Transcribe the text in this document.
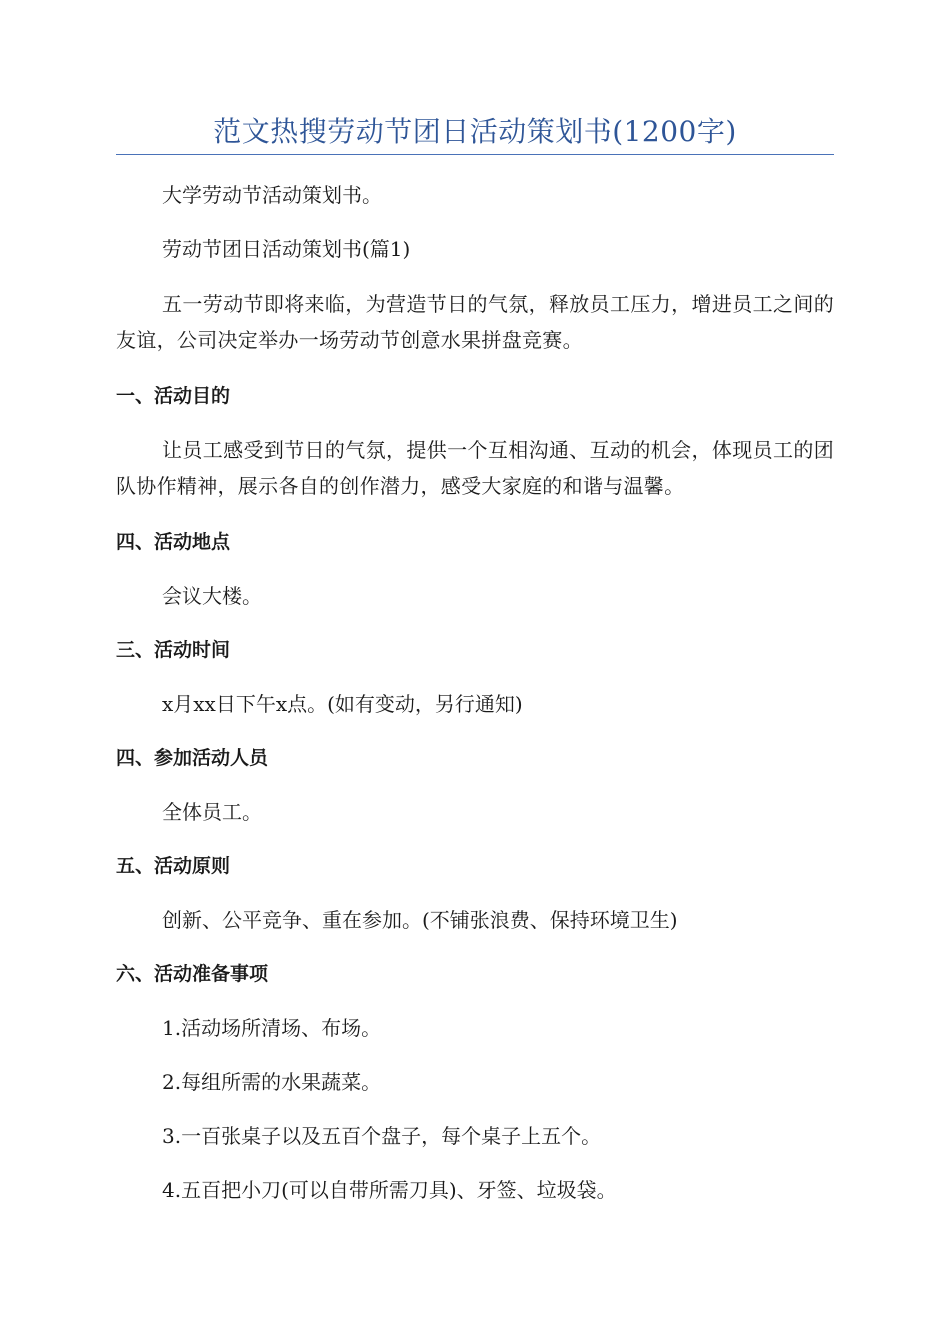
范文热搜劳动节团日活动策划书(1200字)
大学劳动节活动策划书。
劳动节团日活动策划书(篇1)
五一劳动节即将来临，为营造节日的气氛，释放员工压力，增进员工之间的友谊，公司决定举办一场劳动节创意水果拼盘竞赛。
一、活动目的
让员工感受到节日的气氛，提供一个互相沟通、互动的机会，体现员工的团队协作精神，展示各自的创作潜力，感受大家庭的和谐与温馨。
四、活动地点
会议大楼。
三、活动时间
x月xx日下午x点。(如有变动，另行通知)
四、参加活动人员
全体员工。
五、活动原则
创新、公平竞争、重在参加。(不铺张浪费、保持环境卫生)
六、活动准备事项
1.活动场所清场、布场。
2.每组所需的水果蔬菜。
3.一百张桌子以及五百个盘子，每个桌子上五个。
4.五百把小刀(可以自带所需刀具)、牙签、垃圾袋。
